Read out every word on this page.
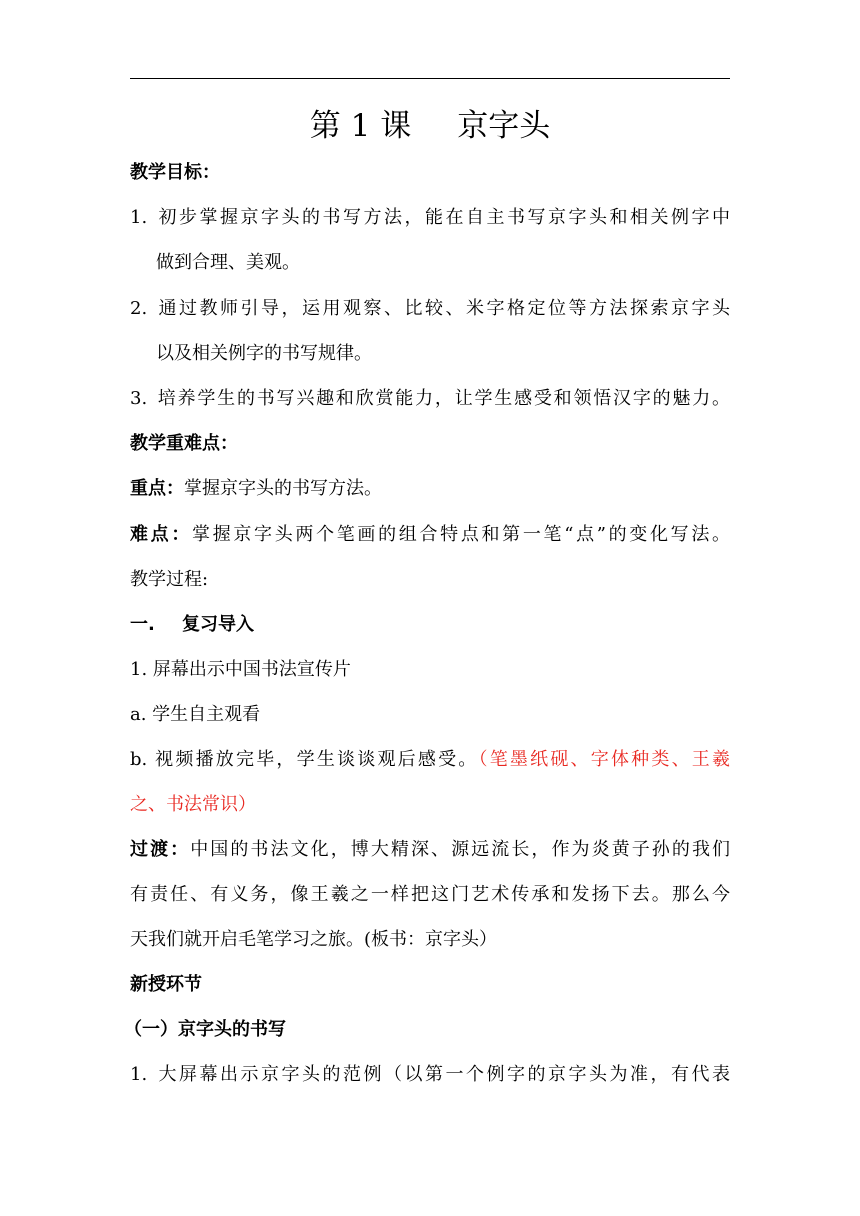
第 1 课 京字头
教学目标：
1. 初步掌握京字头的书写方法，能在自主书写京字头和相关例字中
做到合理、美观。
2. 通过教师引导，运用观察、比较、米字格定位等方法探索京字头
以及相关例字的书写规律。
3. 培养学生的书写兴趣和欣赏能力，让学生感受和领悟汉字的魅力。
教学重难点：
重点：掌握京字头的书写方法。
难点：掌握京字头两个笔画的组合特点和第一笔“点”的变化写法。
教学过程:
一. 复习导入
1. 屏幕出示中国书法宣传片
a. 学生自主观看
b. 视频播放完毕，学生谈谈观后感受。（笔墨纸砚、字体种类、王羲
之、书法常识）
过渡：中国的书法文化，博大精深、源远流长，作为炎黄子孙的我们
有责任、有义务，像王羲之一样把这门艺术传承和发扬下去。那么今
天我们就开启毛笔学习之旅。(板书：京字头）
新授环节
（一）京字头的书写
1. 大屏幕出示京字头的范例（以第一个例字的京字头为准，有代表
